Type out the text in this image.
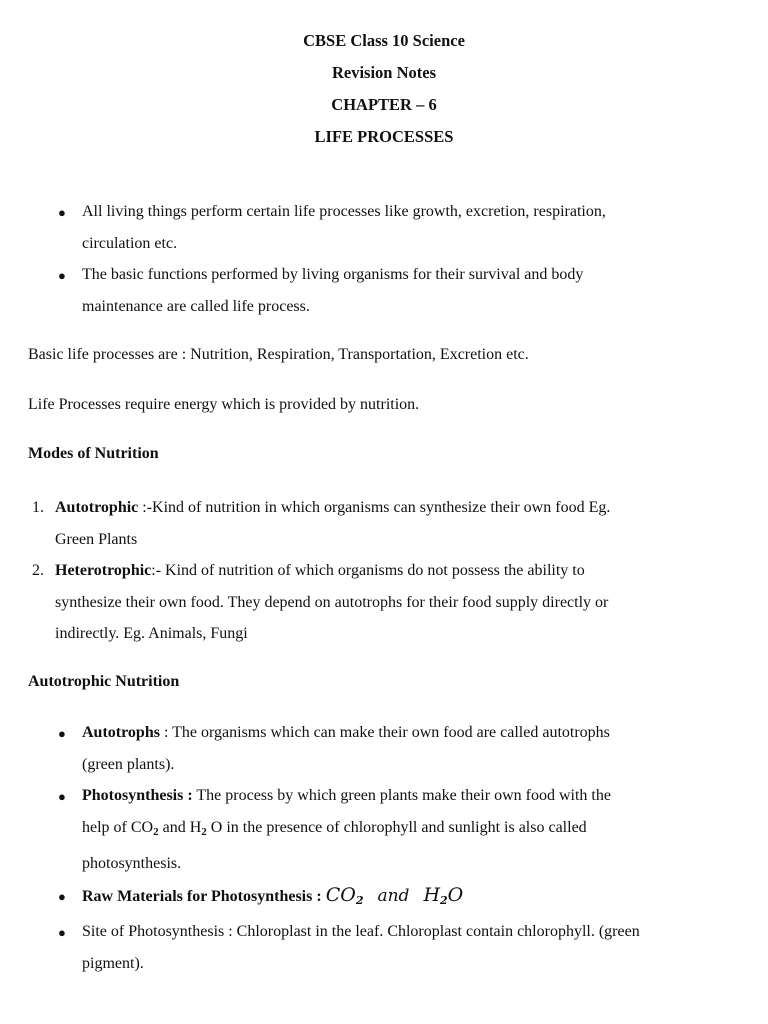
CBSE Class 10 Science
Revision Notes
CHAPTER – 6
LIFE PROCESSES
● All living things perform certain life processes like growth, excretion, respiration,
circulation etc.
● The basic functions performed by living organisms for their survival and body
maintenance are called life process.
Basic life processes are : Nutrition, Respiration, Transportation, Excretion etc.
Life Processes require energy which is provided by nutrition.
Modes of Nutrition
1. Autotrophic :-Kind of nutrition in which organisms can synthesize their own food Eg.
Green Plants
2. Heterotrophic:- Kind of nutrition of which organisms do not possess the ability to
synthesize their own food. They depend on autotrophs for their food supply directly or
indirectly. Eg. Animals, Fungi
Autotrophic Nutrition
● Autotrophs : The organisms which can make their own food are called autotrophs
(green plants).
● Photosynthesis : The process by which green plants make their own food with the
help of $CO_2$ and $H_2$ O in the presence of chlorophyll and sunlight is also called
photosynthesis.
● Raw Materials for Photosynthesis : $CO_2$ and $H_2O$
● Site of Photosynthesis : Chloroplast in the leaf. Chloroplast contain chlorophyll. (green
pigment).
